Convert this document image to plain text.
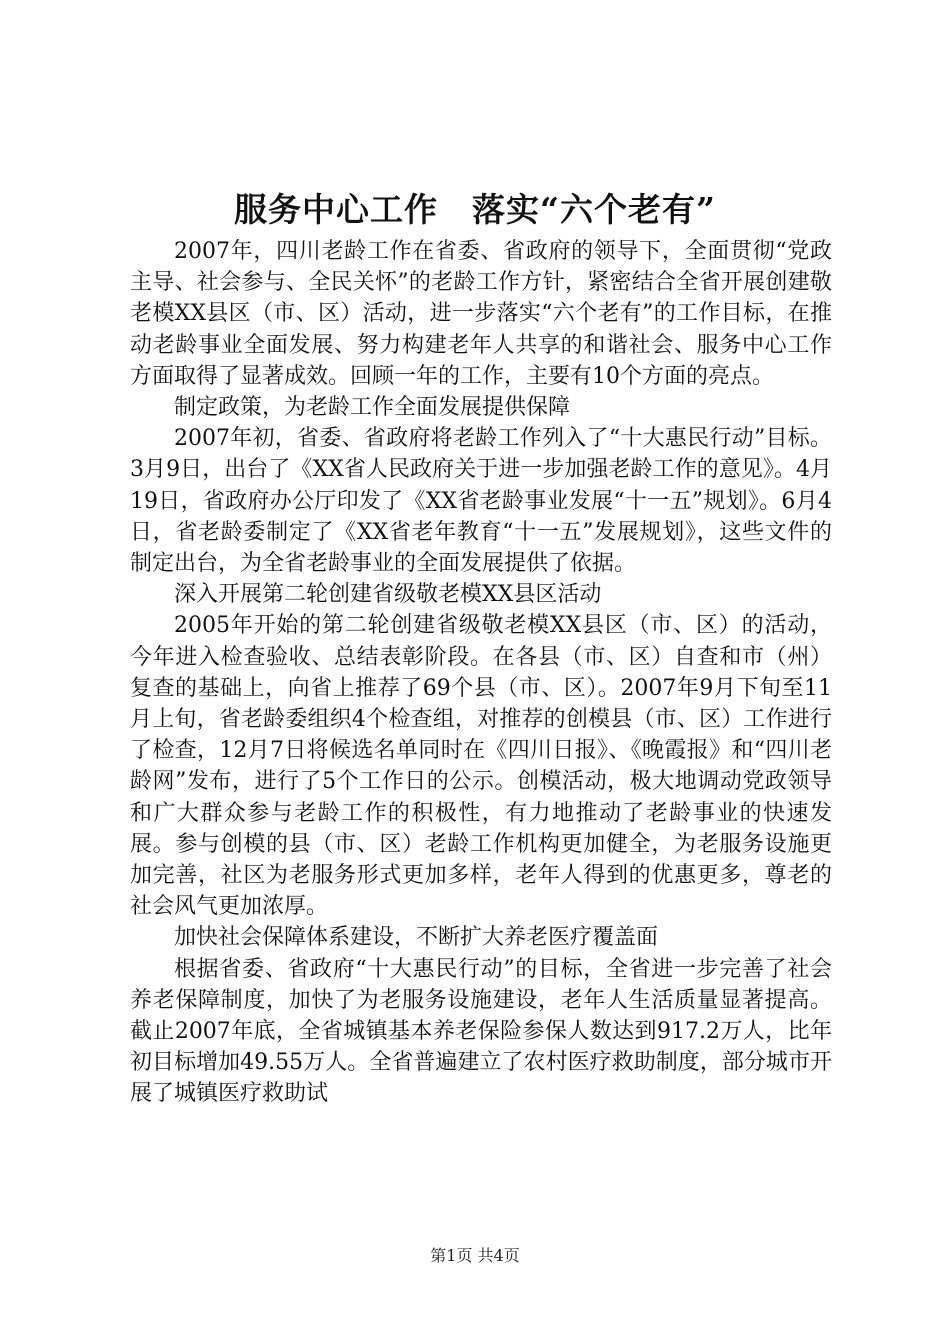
服务中心工作　落实“六个老有”

2007年，四川老龄工作在省委、省政府的领导下，全面贯彻“党政主导、社会参与、全民关怀”的老龄工作方针，紧密结合全省开展创建敬老模XX县区（市、区）活动，进一步落实“六个老有”的工作目标，在推动老龄事业全面发展、努力构建老年人共享的和谐社会、服务中心工作方面取得了显著成效。回顾一年的工作，主要有10个方面的亮点。

制定政策，为老龄工作全面发展提供保障

2007年初，省委、省政府将老龄工作列入了“十大惠民行动”目标。3月9日，出台了《XX省人民政府关于进一步加强老龄工作的意见》。4月19日，省政府办公厅印发了《XX省老龄事业发展“十一五”规划》。6月4日，省老龄委制定了《XX省老年教育“十一五”发展规划》，这些文件的制定出台，为全省老龄事业的全面发展提供了依据。

深入开展第二轮创建省级敬老模XX县区活动

2005年开始的第二轮创建省级敬老模XX县区（市、区）的活动，今年进入检查验收、总结表彰阶段。在各县（市、区）自查和市（州）复查的基础上，向省上推荐了69个县（市、区）。2007年9月下旬至11月上旬，省老龄委组织4个检查组，对推荐的创模县（市、区）工作进行了检查，12月7日将候选名单同时在《四川日报》、《晚霞报》和“四川老龄网”发布，进行了5个工作日的公示。创模活动，极大地调动党政领导和广大群众参与老龄工作的积极性，有力地推动了老龄事业的快速发展。参与创模的县（市、区）老龄工作机构更加健全，为老服务设施更加完善，社区为老服务形式更加多样，老年人得到的优惠更多，尊老的社会风气更加浓厚。

加快社会保障体系建设，不断扩大养老医疗覆盖面

根据省委、省政府“十大惠民行动”的目标，全省进一步完善了社会养老保障制度，加快了为老服务设施建设，老年人生活质量显著提高。截止2007年底，全省城镇基本养老保险参保人数达到917.2万人，比年初目标增加49.55万人。全省普遍建立了农村医疗救助制度，部分城市开展了城镇医疗救助试

第1页 共4页
